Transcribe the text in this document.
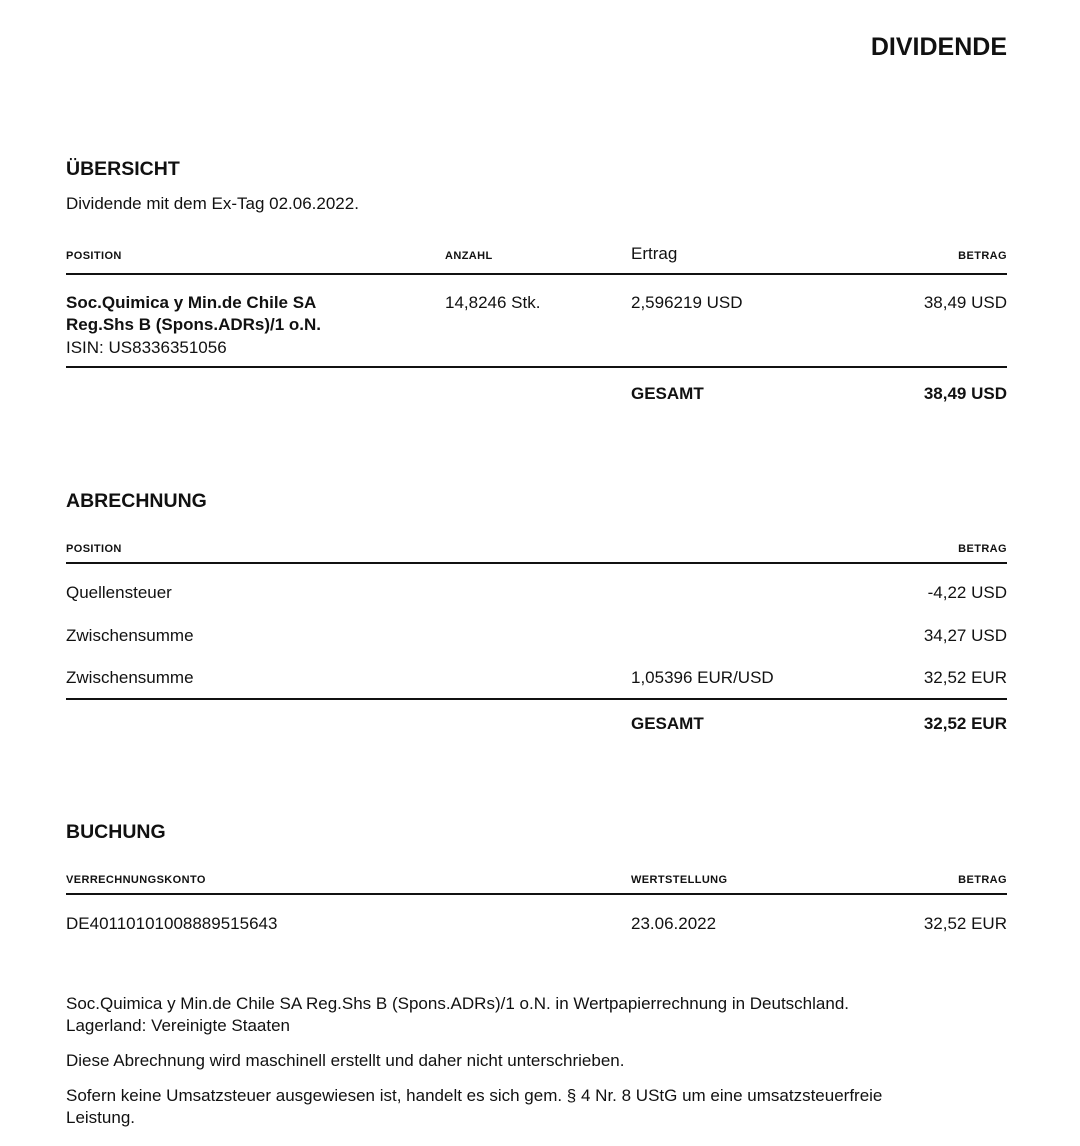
DIVIDENDE
ÜBERSICHT
Dividende mit dem Ex-Tag 02.06.2022.
POSITION	ANZAHL	Ertrag	BETRAG
Soc.Quimica y Min.de Chile SA
Reg.Shs B (Spons.ADRs)/1 o.N.
ISIN: US8336351056
14,8246 Stk.	2,596219 USD	38,49 USD
GESAMT	38,49 USD
ABRECHNUNG
POSITION	BETRAG
Quellensteuer	-4,22 USD
Zwischensumme	34,27 USD
Zwischensumme	1,05396 EUR/USD	32,52 EUR
GESAMT	32,52 EUR
BUCHUNG
VERRECHNUNGSKONTO	WERTSTELLUNG	BETRAG
DE40110101008889515643	23.06.2022	32,52 EUR
Soc.Quimica y Min.de Chile SA Reg.Shs B (Spons.ADRs)/1 o.N. in Wertpapierrechnung in Deutschland.
Lagerland: Vereinigte Staaten
Diese Abrechnung wird maschinell erstellt und daher nicht unterschrieben.
Sofern keine Umsatzsteuer ausgewiesen ist, handelt es sich gem. § 4 Nr. 8 UStG um eine umsatzsteuerfreie
Leistung.
